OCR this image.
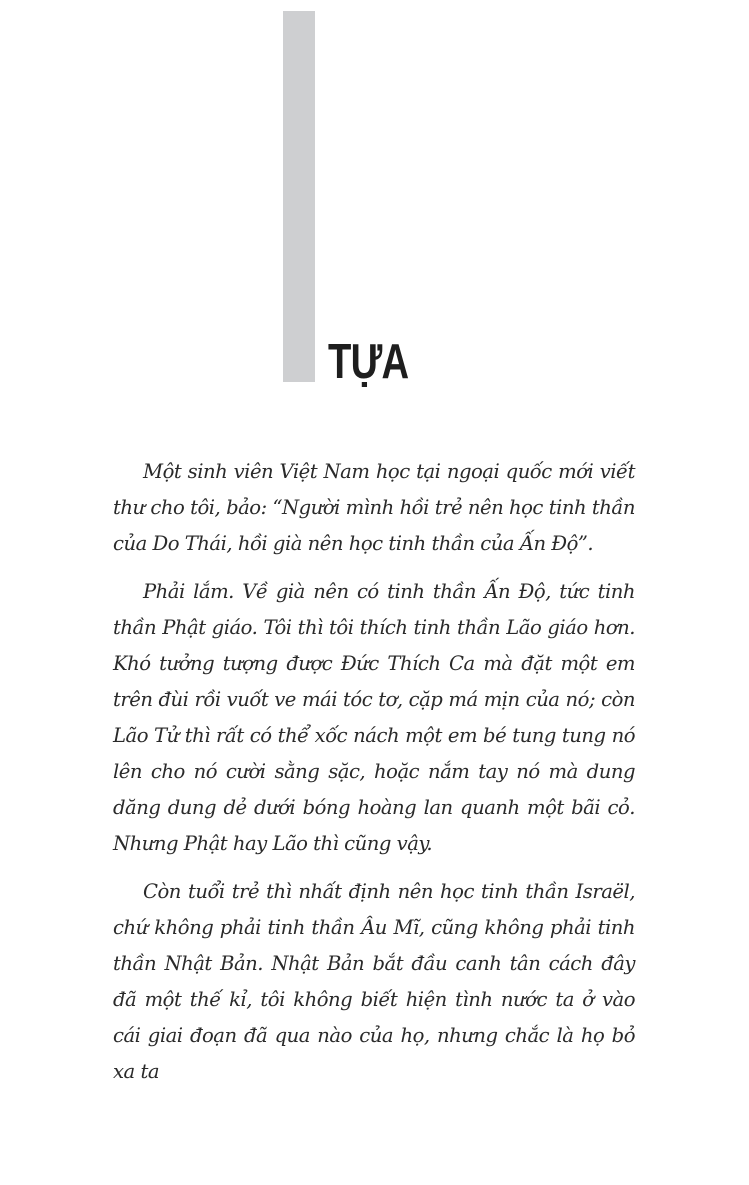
TỰA

Một sinh viên Việt Nam học tại ngoại quốc mới viết thư cho tôi, bảo: “Người mình hồi trẻ nên học tinh thần của Do Thái, hồi già nên học tinh thần của Ấn Độ”.

Phải lắm. Về già nên có tinh thần Ấn Độ, tức tinh thần Phật giáo. Tôi thì tôi thích tinh thần Lão giáo hơn. Khó tưởng tượng được Đức Thích Ca mà đặt một em trên đùi rồi vuốt ve mái tóc tơ, cặp má mịn của nó; còn Lão Tử thì rất có thể xốc nách một em bé tung tung nó lên cho nó cười sằng sặc, hoặc nắm tay nó mà dung dăng dung dẻ dưới bóng hoàng lan quanh một bãi cỏ. Nhưng Phật hay Lão thì cũng vậy.

Còn tuổi trẻ thì nhất định nên học tinh thần Israël, chứ không phải tinh thần Âu Mĩ, cũng không phải tinh thần Nhật Bản. Nhật Bản bắt đầu canh tân cách đây đã một thế kỉ, tôi không biết hiện tình nước ta ở vào cái giai đoạn đã qua nào của họ, nhưng chắc là họ bỏ xa ta
